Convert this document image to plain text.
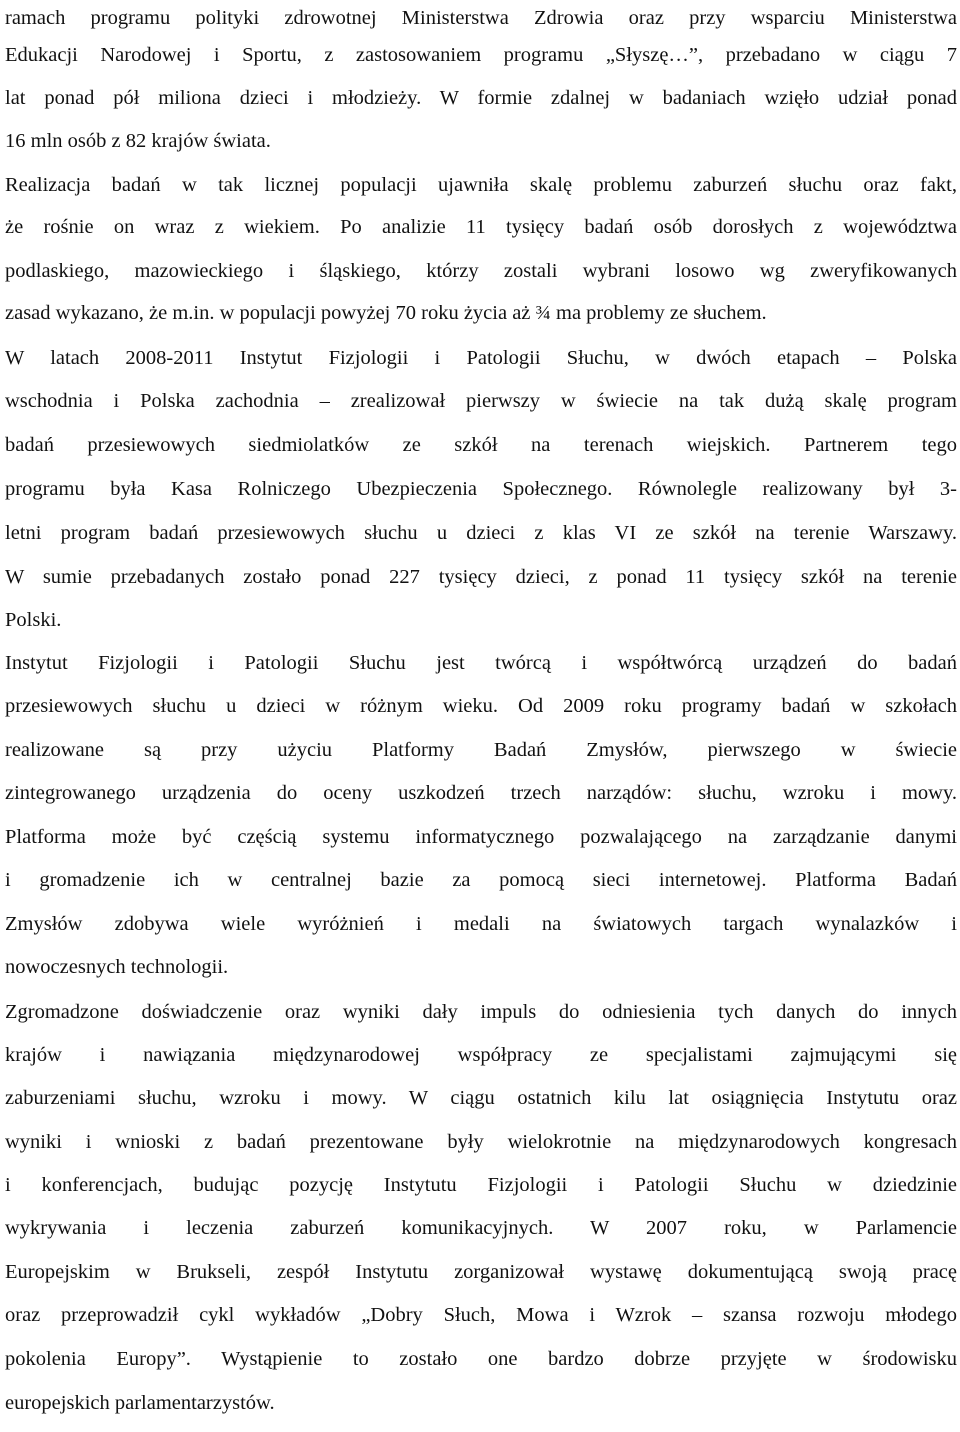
ramach programu polityki zdrowotnej Ministerstwa Zdrowia oraz przy wsparciu Ministerstwa
Edukacji Narodowej i Sportu, z zastosowaniem programu „Słyszę…”, przebadano w ciągu 7
lat ponad pół miliona dzieci i młodzieży. W formie zdalnej w badaniach wzięło udział ponad
16 mln osób z 82 krajów świata.
Realizacja badań w tak licznej populacji ujawniła skalę problemu zaburzeń słuchu oraz fakt,
że rośnie on wraz z wiekiem. Po analizie 11 tysięcy badań osób dorosłych z województwa
podlaskiego, mazowieckiego i śląskiego, którzy zostali wybrani losowo wg zweryfikowanych
zasad wykazano, że m.in. w populacji powyżej 70 roku życia aż ¾ ma problemy ze słuchem.
W latach 2008-2011 Instytut Fizjologii i Patologii Słuchu, w dwóch etapach – Polska
wschodnia i Polska zachodnia – zrealizował pierwszy w świecie na tak dużą skalę program
badań przesiewowych siedmiolatków ze szkół na terenach wiejskich. Partnerem tego
programu była Kasa Rolniczego Ubezpieczenia Społecznego. Równolegle realizowany był 3-
letni program badań przesiewowych słuchu u dzieci z klas VI ze szkół na terenie Warszawy.
W sumie przebadanych zostało ponad 227 tysięcy dzieci, z ponad 11 tysięcy szkół na terenie
Polski.
Instytut Fizjologii i Patologii Słuchu jest twórcą i współtwórcą urządzeń do badań
przesiewowych słuchu u dzieci w różnym wieku. Od 2009 roku programy badań w szkołach
realizowane są przy użyciu Platformy Badań Zmysłów, pierwszego w świecie
zintegrowanego urządzenia do oceny uszkodzeń trzech narządów: słuchu, wzroku i mowy.
Platforma może być częścią systemu informatycznego pozwalającego na zarządzanie danymi
i gromadzenie ich w centralnej bazie za pomocą sieci internetowej. Platforma Badań
Zmysłów zdobywa wiele wyróżnień i medali na światowych targach wynalazków i
nowoczesnych technologii.
Zgromadzone doświadczenie oraz wyniki dały impuls do odniesienia tych danych do innych
krajów i nawiązania międzynarodowej współpracy ze specjalistami zajmującymi się
zaburzeniami słuchu, wzroku i mowy. W ciągu ostatnich kilu lat osiągnięcia Instytutu oraz
wyniki i wnioski z badań prezentowane były wielokrotnie na międzynarodowych kongresach
i konferencjach, budując pozycję Instytutu Fizjologii i Patologii Słuchu w dziedzinie
wykrywania i leczenia zaburzeń komunikacyjnych. W 2007 roku, w Parlamencie
Europejskim w Brukseli, zespół Instytutu zorganizował wystawę dokumentującą swoją pracę
oraz przeprowadził cykl wykładów „Dobry Słuch, Mowa i Wzrok – szansa rozwoju młodego
pokolenia Europy”. Wystąpienie to zostało one bardzo dobrze przyjęte w środowisku
europejskich parlamentarzystów.
